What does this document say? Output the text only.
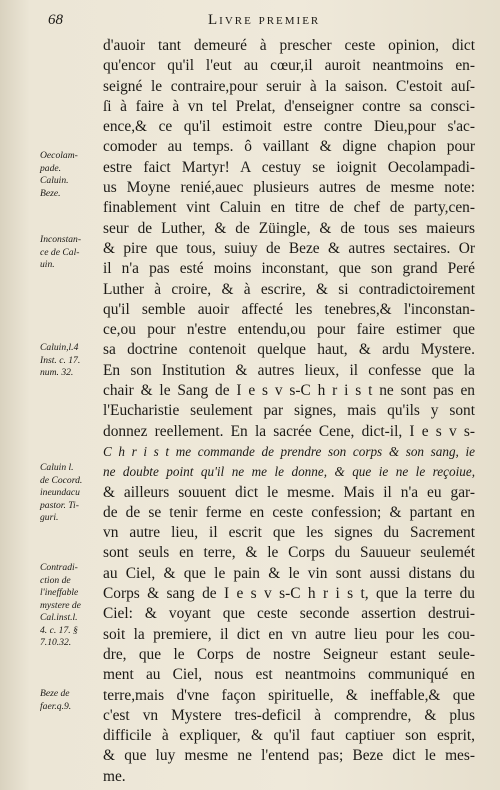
68	Livre premier
Oecolam-
pade.
Caluin.
Beze.
Inconstan-
ce de Cal-
uin.
Caluin,l.4
Inst. c. 17.
num. 32.
Caluin l.
de Cocord.
ineundacu
pastor. Ti-
guri.
Contradi-
ction de
l'ineffable
mystere de
Cal.inst.l.
4. c. 17. §
7.10.32.
Beze de
faer.q.9.
d'auoir tant demeuré à prescher ceste opinion, dict
qu'encor qu'il l'eut au cœur,il auroit neantmoins en-
seigné le contraire,pour seruir à la saison. C'estoit auſ-
ſi à faire à vn tel Prelat, d'enseigner contre sa consci-
ence,& ce qu'il estimoit estre contre Dieu,pour s'ac-
comoder au temps. ô vaillant & digne chapion pour
estre faict Martyr! A cestuy se ioignit Oecolampadi-
us Moyne renié,auec plusieurs autres de mesme note:
finablement vint Caluin en titre de chef de party,cen-
seur de Luther, & de Züingle, & de tous ses maieurs
& pire que tous, suiuy de Beze & autres sectaires. Or
il n'a pas esté moins inconstant, que son grand Peré
Luther à croire, & à escrire, & si contradictoirement
qu'il semble auoir affecté les tenebres,& l'inconstan-
ce,ou pour n'estre entendu,ou pour faire estimer que
sa doctrine contenoit quelque haut, & ardu Mystere.
En son Institution & autres lieux, il confesse que la
chair & le Sang de I e s v s-C h r i s t ne sont pas en
l'Eucharistie seulement par signes, mais qu'ils y sont
donnez reellement. En la sacrée Cene, dict-il, I e s v s-
C h r i s t me commande de prendre son corps & son sang, ie
ne doubte point qu'il ne me le donne, & que ie ne le reçoiue,
& ailleurs souuent dict le mesme. Mais il n'a eu gar-
de de se tenir ferme en ceste confession; & partant en
vn autre lieu, il escrit que les signes du Sacrement
sont seuls en terre, & le Corps du Sauueur seulemét
au Ciel, & que le pain & le vin sont aussi distans du
Corps & sang de I e s v s-C h r i s t, que la terre du
Ciel: & voyant que ceste seconde assertion destrui-
soit la premiere, il dict en vn autre lieu pour les cou-
dre, que le Corps de nostre Seigneur estant seule-
ment au Ciel, nous est neantmoins communiqué en
terre,mais d'vne façon spirituelle, & ineffable,& que
c'est vn Mystere tres-deficil à comprendre, & plus
difficile à expliquer, & qu'il faut captiuer son esprit,
& que luy mesme ne l'entend pas; Beze dict le mes-
me.
